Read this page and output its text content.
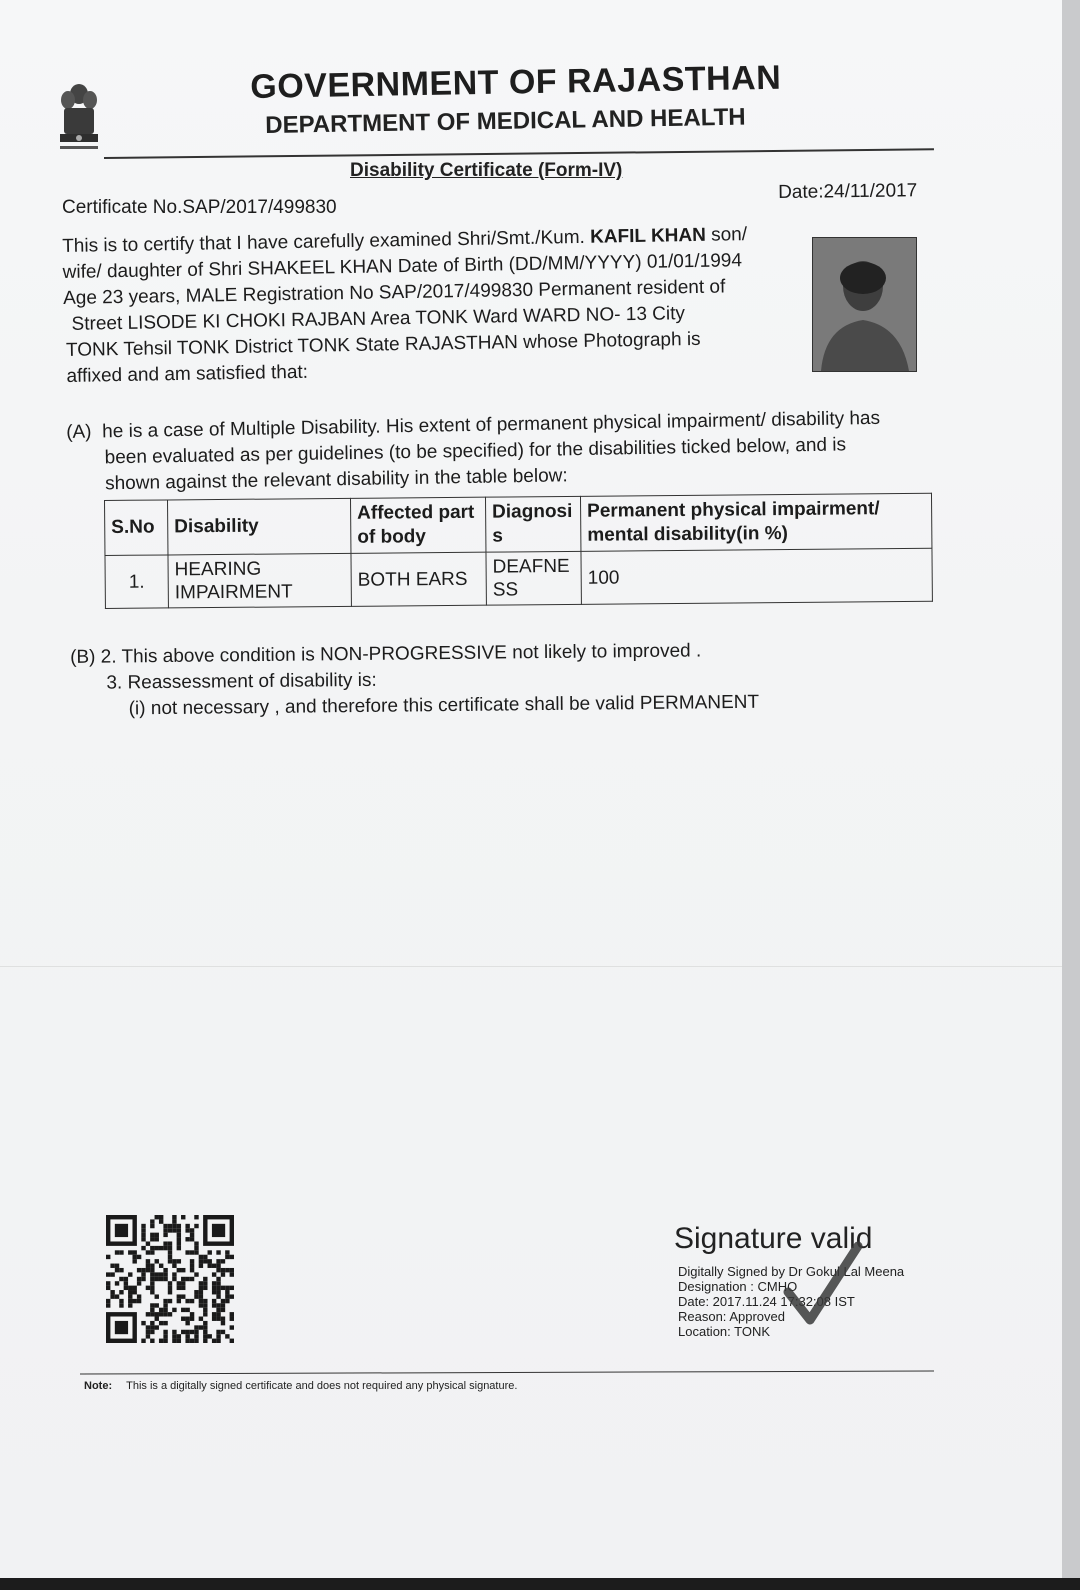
GOVERNMENT OF RAJASTHAN
DEPARTMENT OF MEDICAL AND HEALTH
Disability Certificate (Form-IV)
Certificate No.SAP/2017/499830
Date:24/11/2017
This is to certify that I have carefully examined Shri/Smt./Kum. KAFIL KHAN son/
wife/ daughter of Shri SHAKEEL KHAN Date of Birth (DD/MM/YYYY) 01/01/1994
Age 23 years, MALE Registration No SAP/2017/499830 Permanent resident of
Street LISODE KI CHOKI RAJBAN Area TONK Ward WARD NO- 13 City
TONK Tehsil TONK District TONK State RAJASTHAN whose Photograph is
affixed and am satisfied that:
(A) he is a case of Multiple Disability. His extent of permanent physical impairment/ disability has
been evaluated as per guidelines (to be specified) for the disabilities ticked below, and is
shown against the relevant disability in the table below:
S.No	Disability	Affected part of body	Diagnosis	Permanent physical impairment/ mental disability(in %)
1.	HEARING IMPAIRMENT	BOTH EARS	DEAFNESS	100
(B) 2. This above condition is NON-PROGRESSIVE not likely to improved .
3. Reassessment of disability is:
(i) not necessary , and therefore this certificate shall be valid PERMANENT
Signature valid
Digitally Signed by Dr Gokul Lal Meena
Designation : CMHO
Date: 2017.11.24 17:32:08 IST
Reason: Approved
Location: TONK
Note: This is a digitally signed certificate and does not required any physical signature.
